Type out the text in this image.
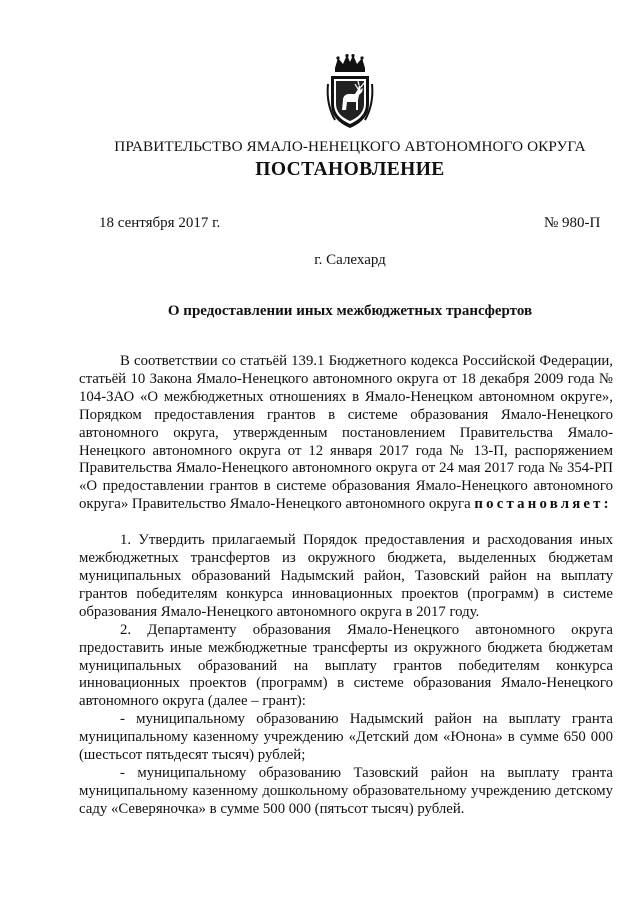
ПРАВИТЕЛЬСТВО ЯМАЛО-НЕНЕЦКОГО АВТОНОМНОГО ОКРУГА
ПОСТАНОВЛЕНИЕ
18 сентября 2017 г.	№ 980-П
г. Салехард
О предоставлении иных межбюджетных трансфертов

В соответствии со статьёй 139.1 Бюджетного кодекса Российской Федерации, статьёй 10 Закона Ямало-Ненецкого автономного округа от 18 декабря 2009 года № 104-ЗАО «О межбюджетных отношениях в Ямало-Ненецком автономном округе», Порядком предоставления грантов в системе образования Ямало-Ненецкого автономного округа, утвержденным постановлением Правительства Ямало-Ненецкого автономного округа от 12 января 2017 года № 13-П, распоряжением Правительства Ямало-Ненецкого автономного округа от 24 мая 2017 года № 354-РП «О предоставлении грантов в системе образования Ямало-Ненецкого автономного округа» Правительство Ямало-Ненецкого автономного округа постановляет:

1. Утвердить прилагаемый Порядок предоставления и расходования иных межбюджетных трансфертов из окружного бюджета, выделенных бюджетам муниципальных образований Надымский район, Тазовский район на выплату грантов победителям конкурса инновационных проектов (программ) в системе образования Ямало-Ненецкого автономного округа в 2017 году.

2. Департаменту образования Ямало-Ненецкого автономного округа предоставить иные межбюджетные трансферты из окружного бюджета бюджетам муниципальных образований на выплату грантов победителям конкурса инновационных проектов (программ) в системе образования Ямало-Ненецкого автономного округа (далее – грант):

- муниципальному образованию Надымский район на выплату гранта муниципальному казенному учреждению «Детский дом «Юнона» в сумме 650 000 (шестьсот пятьдесят тысяч) рублей;

- муниципальному образованию Тазовский район на выплату гранта муниципальному казенному дошкольному образовательному учреждению детскому саду «Северяночка» в сумме 500 000 (пятьсот тысяч) рублей.
